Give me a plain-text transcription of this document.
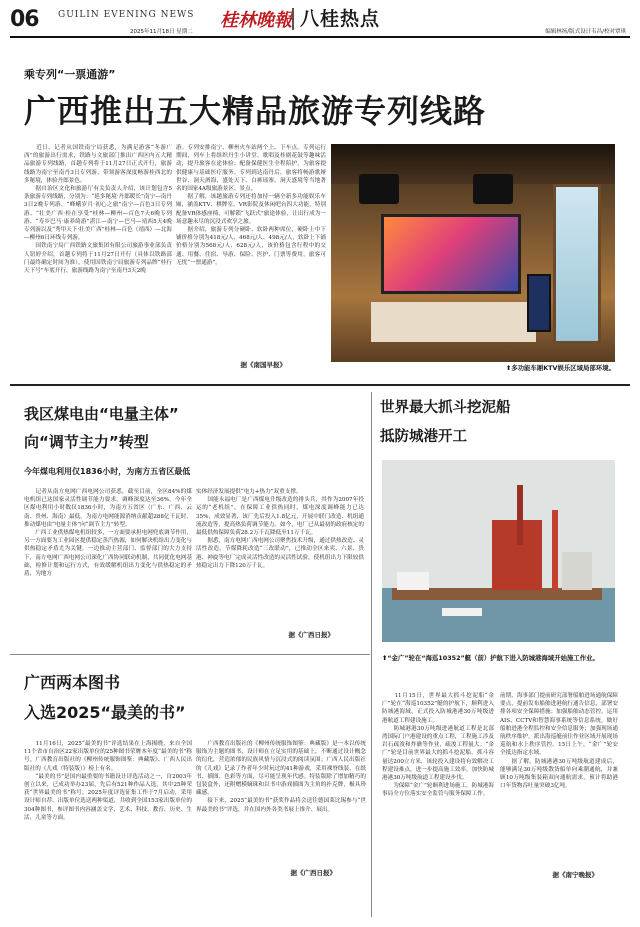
06 GUILIN EVENING NEWS
2025年11月18日 星期二
桂林晚報 八桂热点
编辑林扬/版式设计韦昌/校对覃琪
乘专列“一票通游”
广西推出五大精品旅游专列线路
　　近日，记者从国铁南宁局获悉，为满足游客“冬游广西”的旅游出行需求，铁路与文旅部门推出广西区内五大精品旅游专列线路，首趟专列将于11月27日正式开行，旅游线路为南宁至南丹3日专列游，带领游客深度畅游桂西北的多秘境，体验丹郎景色。
　　据自治区文化和旅游厅有关负责人介绍，该计划包含5条旅游专列线路，分别为：“延多秘境·丹郎暖长”南宁—南丹3日2晚专列游、“峰峨岁月·初心之旅”南宁—百色3日专列游、“壮美广西·桂在享受”桂林—柳州—百色7天6晚专列游、“寿乡巴马·康养绮游”湛江—南宁—巴马—靖西5天4晚专列游以及“秀甲天下·壮美广西”桂林—百色（靖西）—北海—柳州6日环线专列游。
　　国铁南宁局广西铁路文旅集团有限公司旅游事业部负责人钮婷介绍，首趟专列将于11月27日开行（具体以铁路部门最终确定时间为准），使用国铁南宁局旅游专列品牌“桂行天下号”车底开行，旅游线路为南宁至南丹3天2晚
游。专列安排南宁、柳州火车站两个上、下车点。专列运行期间，列车上将组织丹生小讲堂、歌唱及桂剧花鼓等趣味活动，提升旅客在途体验；配备保健医生全程陪护，为旅客提供健康与基础医疗服务。专列到达南丹后，旅客将畅游歌娅世谷、洞天酒海、盛处天下，白裤瑶寨、洞天盛境等当地著名的国家4A级旅游景区、景点。
　　据了解，该趟旅游专列还将加持一辆全新多功能娱乐车厢，涵盖KTV、棋牌室、VR影院及休闲吧台四大功能，特别配备VR体感座椅，可解锁“飞跃式”旅途体验，让出行成为一场意趣未尽的沉浸式欢享之旅。
　　据介绍，旅游专列分硬卧、软卧两种席位，硬卧上中下铺价格分别为418元/人、468元/人、498元/人，软卧上下铺价格分别为568元/人、628元/人，该价格包含行程中的交通、用餐、住宿、导游、保险、医护、门票等费用，旅客可无忧“一票通游”。
据《南国早报》	⬆多功能车厢KTV娱乐区域局部环境。
我区煤电由“电量主体”
向“调节主力”转型
今年煤电利用仅1836小时，为南方五省区最低
　　记者从南方电网广西电网公司获悉，截至目前，全区84%的煤电机组已达国家灵活性调节能力要求，调峰深度达至36%。今年全区煤电利用小时数仅1836小时，为南方五省区（广东、广西、云南、贵州、海南）最低，为南方电网能源消纳贡献超288亿千瓦时，推动煤电由“电量主体”向“调节主力”转型。
　　广西工业供热煤电机组较多，一方面要承担电网兜底调节作用，另一方面要为工业园区提供稳定蒸汽热源，如何解决机组出力变化与供热稳定矛盾尤为关键。一边推动主营部门、监督部门的大力支持下，南方电网广西电网公司深化广西协同联动机制，共同优化电网基础，检修计划和运行方式，有效缓解机组出力变化与供热稳定的矛盾，为地方
实体经济发展提供“电力+热力”双重支撑。
　　国能永福电厂是广西煤电升级改造的排头兵，其作为2007年投运的“老机组”，在保障工业供热同时，煤电深度调峰能力已达35%，成效显著，该厂先后投入1.8亿元，开展中联门改造、机组通流改造等，提高热负荷调节能力。如今，电厂已从最初的政府核定的最低供热保障负荷28.2万千瓦降低至11万千瓦。
　　据悉，南方电网广西电网公司聚焦技术升级，通过供热改造、灵活性改造、节煤降耗改造“三改联动”，已推动全区来宾、六景、贵港、神旋等电厂完成灵活性改造的灵活性试验，使机组出力下限较供热稳定出力下降120万千瓦。
据《广西日报》
世界最大抓斗挖泥船
抵防城港开工
⬆“金广”轮在“海巡10352”艇（前）护航下进入防城港海域开始施工作业。
　　11月15日，世界最大抓斗挖泥船“金广”轮在“海巡10352”艇的护航下，顺利进入防城港海域，正式投入防城港港30万吨级进港航道工程建设施工。
　　防城港港30万吨级进港航道工程是北部湾国际门户港建设的重点工程，工程施工涉及岩石疏浚和炸礁等作业，疏浚工程量大。“金广”轮是目前世界最大的抓斗挖泥船，抓斗容量达200立方米，该轮投入建设将有效解决工程建设难点，进一步提高施工效率，加快防城港港30万吨级航道工程建设步伐。
　　为保障“金广”轮顺利进场施工，防城港海事局全方位落实安全监管与服务保障工作。
前期，海事部门提前研究部署船舶进场通航保障要点，提前发布船舶进港航行通告信息，部署安排各项安全保障措施；加强船舶动态管控，运用AIS、CCTV和智慧海事系统等信息系统，做好船舶进港全程监控和安全信息服务；加强现场通航秩序维护，派出海巡艇前往作业区域开展现场巡航和水上秩序管控。15日上午，“金广”轮安全抵达指定水域。
　　据了解，防城港港30万吨级航道建成后，能够满足30万吨级散货船单向乘潮通航，并兼顾10万吨级集装箱双向通航需求，预计将助港口年货物吞吐量突破3亿吨。
据《南宁晚报》
广西两本图书
入选2025“最美的书”
　　11月16日，2025“最美的书”评选结果在上海揭晓，来自全国11个省市自治区22家出版单位的25种图书荣膺本年度“最美的书”称号。广西教育出版社的《柳州传统服饰图鉴：典藏版》、广西人民出版社的《儿戏（特装版）》榜上有名。
　　“最美的书”是国内最重要的书籍设计评选活动之一，自2003年创立以来，已成功举办23届，先后有521种作品入选，其中25种荣获“世界最美的书”称号。2025年度评选征集工作于7月启动，采用设计师自荐、出版单位选送两种渠道，共收到全国153家出版单位的304种图书，参评图书内容涵盖文学、艺术、科技、教育、历史、生活、儿童等方面。
　　广西教育出版社的《柳州传统服饰图鉴：典藏版》是一本以传统服饰为主题的图书，设计师在立足实用的基础上，不断通过设计概念的衍化，营造浓郁的民族风情与沉浸式的阅读氛围；广西人民出版社的《儿戏》记录了作者年少时玩过的41种游戏，采用裸脊线装、在纸书、插图、色彩等方面，尽可能呈现年代感。特装版除了增加精巧的包装盒外，还附赠模嫡珠和以书中游戏插图为主角的扑克牌，极具珍藏感。
　　接下来，2025“最美的书”获奖作品将会送往德国莱比锡参与“世界最美的书”评选，并在国内外各类书展上推介、展出。
据《广西日报》
